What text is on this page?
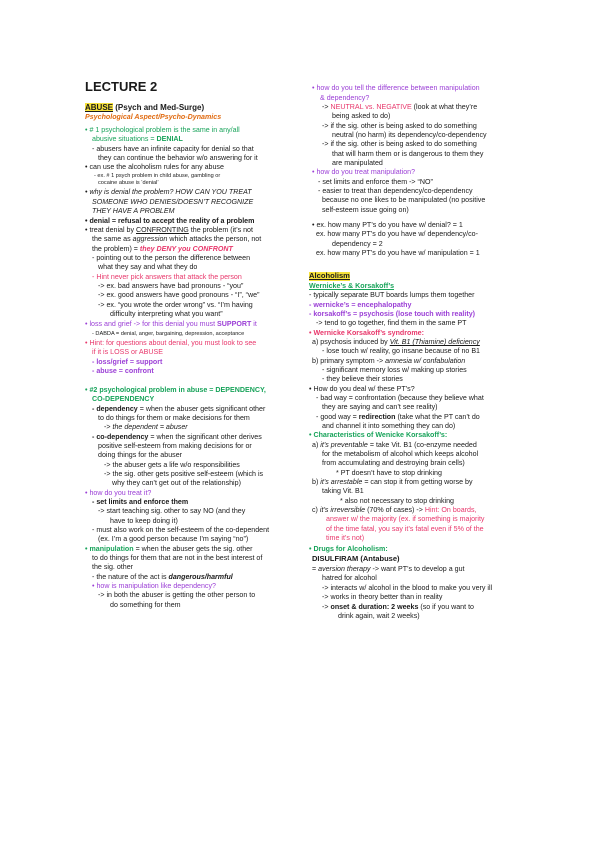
LECTURE 2
ABUSE (Psych and Med-Surge)
Psychological Aspect/Psycho-Dynamics
• # 1 psychological problem is the same in any/all
abusive situations = DENIAL
- abusers have an infinite capacity for denial so that
they can continue the behavior w/o answering for it
• can use the alcoholism rules for any abuse
- ex. # 1 psych problem in child abuse, gambling or
cocaine abuse is ‘denial’
• why is denial the problem? HOW CAN YOU TREAT
SOMEONE WHO DENIES/DOESN’T RECOGNIZE
THEY HAVE A PROBLEM
• denial = refusal to accept the reality of a problem
• treat denial by CONFRONTING the problem (it’s not
the same as aggression which attacks the person, not
the problem) = they DENY you CONFRONT
- pointing out to the person the difference between
what they say and what they do
- Hint never pick answers that attack the person
-> ex. bad answers have bad pronouns - “you”
-> ex. good answers have good pronouns - “I”, “we”
-> ex. “you wrote the order wrong” vs. “I’m having
difficulty interpreting what you want”
• loss and grief -> for this denial you must SUPPORT it
- DABDA = denial, anger, bargaining, depression, acceptance
• Hint: for questions about denial, you must look to see
if it is LOSS or ABUSE
- loss/grief = support
- abuse = confront
• #2 psychological problem in abuse = DEPENDENCY,
CO-DEPENDENCY
- dependency = when the abuser gets significant other
to do things for them or make decisions for them
-> the dependent = abuser
- co-dependency = when the significant other derives
positive self-esteem from making decisions for or
doing things for the abuser
-> the abuser gets a life w/o responsibilities
-> the sig. other gets positive self-esteem (which is
why they can’t get out of the relationship)
• how do you treat it?
- set limits and enforce them
-> start teaching sig. other to say NO (and they
have to keep doing it)
- must also work on the self-esteem of the co-dependent
(ex. I’m a good person because I’m saying “no”)
• manipulation = when the abuser gets the sig. other
to do things for them that are not in the best interest of
the sig. other
- the nature of the act is dangerous/harmful
• how is manipulation like dependency?
-> in both the abuser is getting the other person to
do something for them
• how do you tell the difference between manipulation
& dependency?
-> NEUTRAL vs. NEGATIVE (look at what they’re
being asked to do)
-> if the sig. other is being asked to do something
neutral (no harm) its dependency/co-dependency
-> if the sig. other is being asked to do something
that will harm them or is dangerous to them they
are manipulated
• how do you treat manipulation?
- set limits and enforce them -> “NO”
- easier to treat than dependency/co-dependency
because no one likes to be manipulated (no positive
self-esteem issue going on)
• ex. how many PT’s do you have w/ denial? = 1
ex. how many PT’s do you have w/ dependency/co-
dependency = 2
ex. how many PT’s do you have w/ manipulation = 1
Alcoholism
Wernicke’s & Korsakoff’s
- typically separate BUT boards lumps them together
- wernicke’s = encephalopathy
- korsakoff’s = psychosis (lose touch with reality)
-> tend to go together, find them in the same PT
• Wernicke Korsakoff’s syndrome:
a) psychosis induced by Vit. B1 (Thiamine) deficiency
- lose touch w/ reality, go insane because of no B1
b) primary symptom -> amnesia w/ confabulation
- significant memory loss w/ making up stories
- they believe their stories
• How do you deal w/ these PT’s?
- bad way = confrontation (because they believe what
they are saying and can’t see reality)
- good way = redirection (take what the PT can’t do
and channel it into something they can do)
• Characteristics of Wenicke Korsakoff’s:
a) it’s preventable = take Vit. B1 (co-enzyme needed
for the metabolism of alcohol which keeps alcohol
from accumulating and destroying brain cells)
* PT doesn’t have to stop drinking
b) it’s arrestable = can stop it from getting worse by
taking Vit. B1
* also not necessary to stop drinking
c) it’s irreversible (70% of cases) -> Hint: On boards,
answer w/ the majority (ex. if something is majority
of the time fatal, you say it’s fatal even if 5% of the
time it’s not)
• Drugs for Alcoholism:
DISULFIRAM (Antabuse)
= aversion therapy -> want PT’s to develop a gut
hatred for alcohol
-> interacts w/ alcohol in the blood to make you very ill
-> works in theory better than in reality
-> onset & duration: 2 weeks (so if you want to
drink again, wait 2 weeks)
